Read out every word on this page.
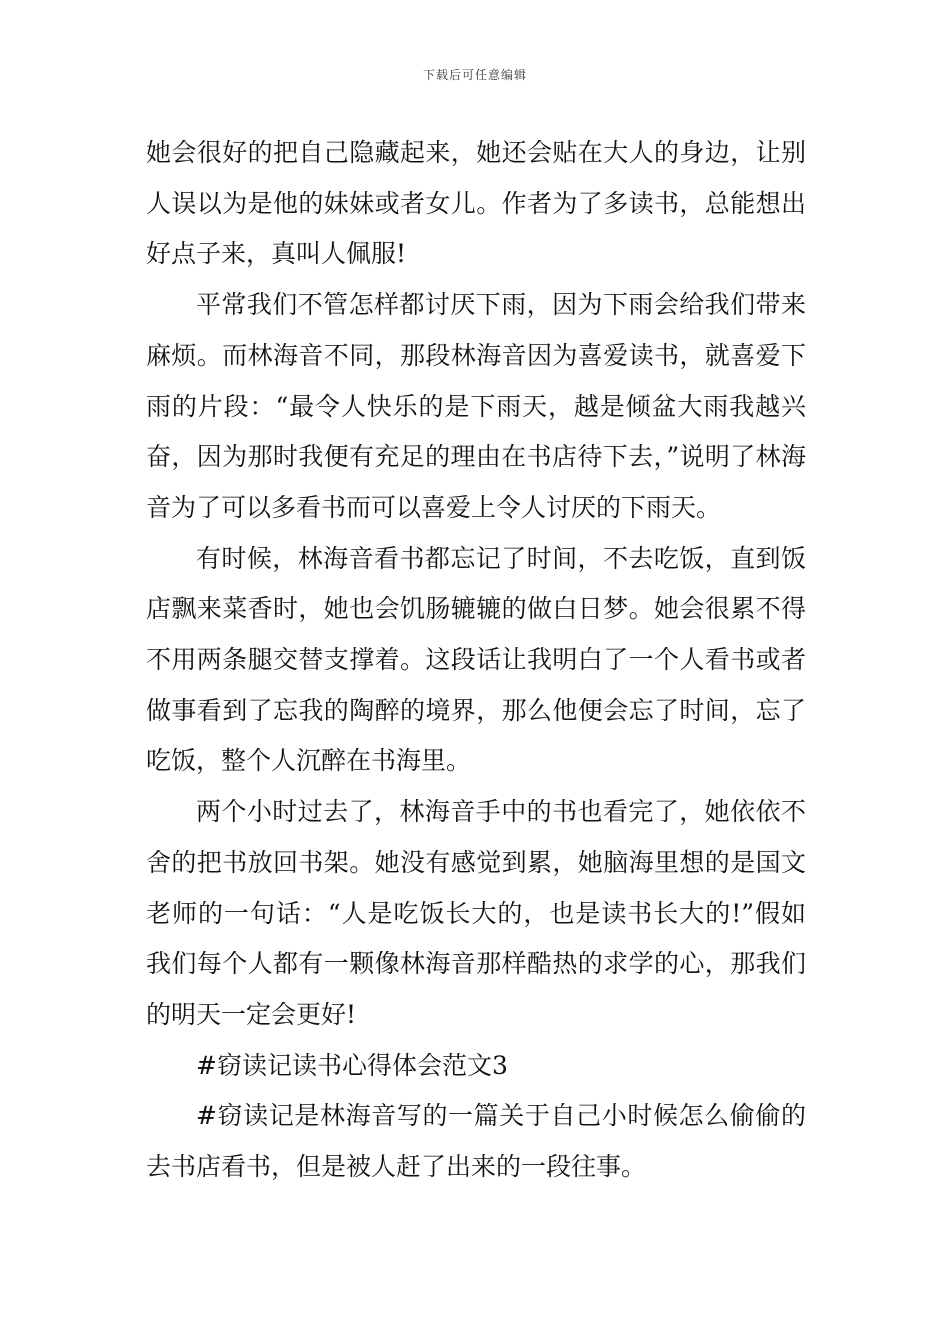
下载后可任意编辑

她会很好的把自己隐藏起来，她还会贴在大人的身边，让别人误以为是他的妹妹或者女儿。作者为了多读书，总能想出好点子来，真叫人佩服!

平常我们不管怎样都讨厌下雨，因为下雨会给我们带来麻烦。而林海音不同，那段林海音因为喜爱读书，就喜爱下雨的片段：“最令人快乐的是下雨天，越是倾盆大雨我越兴奋，因为那时我便有充足的理由在书店待下去，”说明了林海音为了可以多看书而可以喜爱上令人讨厌的下雨天。

有时候，林海音看书都忘记了时间，不去吃饭，直到饭店飘来菜香时，她也会饥肠辘辘的做白日梦。她会很累不得不用两条腿交替支撑着。这段话让我明白了一个人看书或者做事看到了忘我的陶醉的境界，那么他便会忘了时间，忘了吃饭，整个人沉醉在书海里。

两个小时过去了，林海音手中的书也看完了，她依依不舍的把书放回书架。她没有感觉到累，她脑海里想的是国文老师的一句话：“人是吃饭长大的，也是读书长大的!”假如我们每个人都有一颗像林海音那样酷热的求学的心，那我们的明天一定会更好!

#窃读记读书心得体会范文3

#窃读记是林海音写的一篇关于自己小时候怎么偷偷的去书店看书，但是被人赶了出来的一段往事。
